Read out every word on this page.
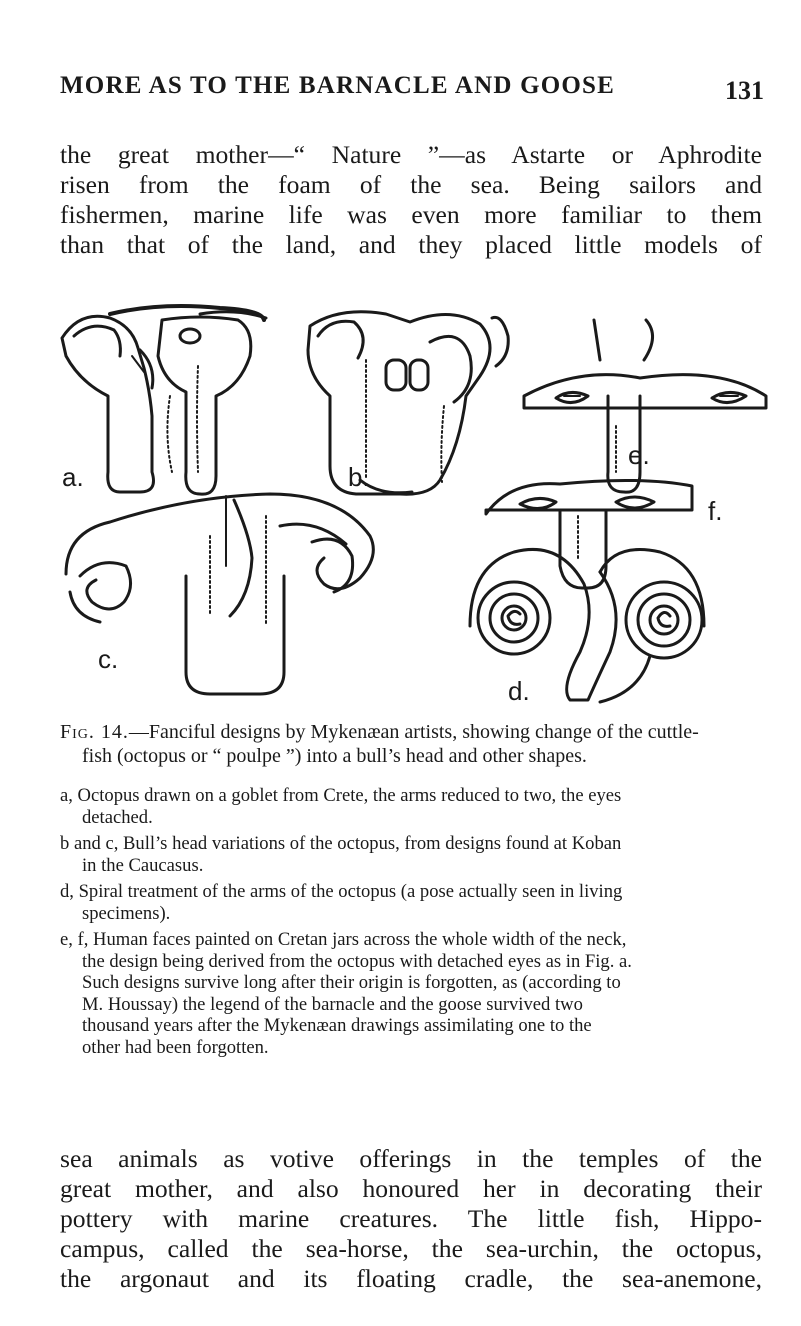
MORE AS TO THE BARNACLE AND GOOSE	131

the great mother—“ Nature ”—as Astarte or Aphrodite
risen from the foam of the sea. Being sailors and
fishermen, marine life was even more familiar to them
than that of the land, and they placed little models of

a.	b.
e.
c.
d.
f.

Fig. 14.—Fanciful designs by Mykenæan artists, showing change of the cuttle-
fish (octopus or “ poulpe ”) into a bull’s head and other shapes.

a, Octopus drawn on a goblet from Crete, the arms reduced to two, the eyes
detached.

b and c, Bull’s head variations of the octopus, from designs found at Koban
in the Caucasus.

d, Spiral treatment of the arms of the octopus (a pose actually seen in living
specimens).

e, f, Human faces painted on Cretan jars across the whole width of the neck,
the design being derived from the octopus with detached eyes as in Fig. a.
Such designs survive long after their origin is forgotten, as (according to
M. Houssay) the legend of the barnacle and the goose survived two
thousand years after the Mykenæan drawings assimilating one to the
other had been forgotten.

sea animals as votive offerings in the temples of the
great mother, and also honoured her in decorating their
pottery with marine creatures. The little fish, Hippo-
campus, called the sea-horse, the sea-urchin, the octopus,
the argonaut and its floating cradle, the sea-anemone,
